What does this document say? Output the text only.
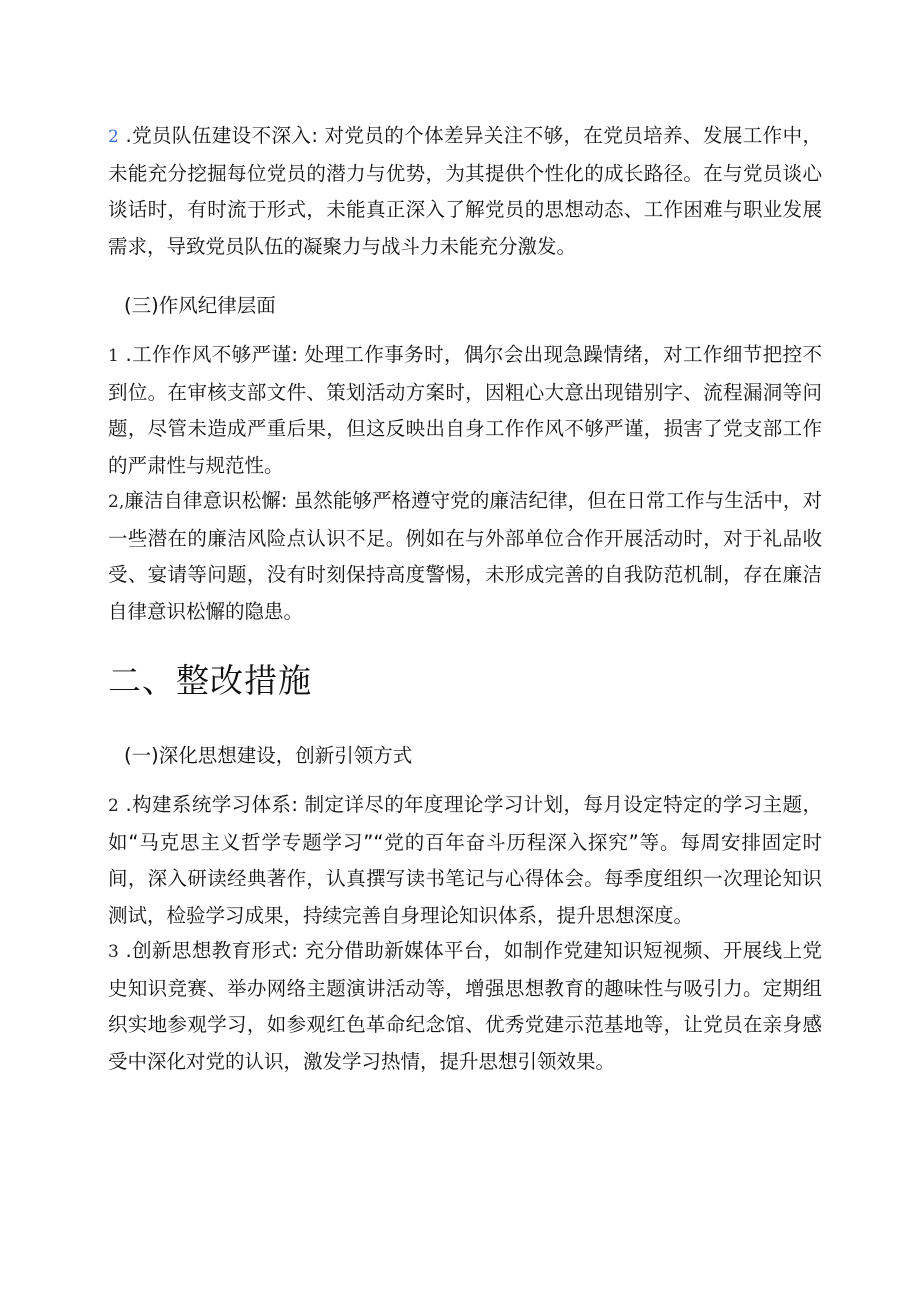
2 .党员队伍建设不深入: 对党员的个体差异关注不够，在党员培养、发展工作中，未能充分挖掘每位党员的潜力与优势，为其提供个性化的成长路径。在与党员谈心谈话时，有时流于形式，未能真正深入了解党员的思想动态、工作困难与职业发展需求，导致党员队伍的凝聚力与战斗力未能充分激发。

(三)作风纪律层面

1 .工作作风不够严谨: 处理工作事务时，偶尔会出现急躁情绪，对工作细节把控不到位。在审核支部文件、策划活动方案时，因粗心大意出现错别字、流程漏洞等问题，尽管未造成严重后果，但这反映出自身工作作风不够严谨，损害了党支部工作的严肃性与规范性。

2,廉洁自律意识松懈: 虽然能够严格遵守党的廉洁纪律，但在日常工作与生活中，对一些潜在的廉洁风险点认识不足。例如在与外部单位合作开展活动时，对于礼品收受、宴请等问题，没有时刻保持高度警惕，未形成完善的自我防范机制，存在廉洁自律意识松懈的隐患。

二、整改措施

(一)深化思想建设，创新引领方式

2 .构建系统学习体系: 制定详尽的年度理论学习计划，每月设定特定的学习主题，如“马克思主义哲学专题学习”“党的百年奋斗历程深入探究”等。每周安排固定时间，深入研读经典著作，认真撰写读书笔记与心得体会。每季度组织一次理论知识测试，检验学习成果，持续完善自身理论知识体系，提升思想深度。

3 .创新思想教育形式: 充分借助新媒体平台，如制作党建知识短视频、开展线上党史知识竞赛、举办网络主题演讲活动等，增强思想教育的趣味性与吸引力。定期组织实地参观学习，如参观红色革命纪念馆、优秀党建示范基地等，让党员在亲身感受中深化对党的认识，激发学习热情，提升思想引领效果。
